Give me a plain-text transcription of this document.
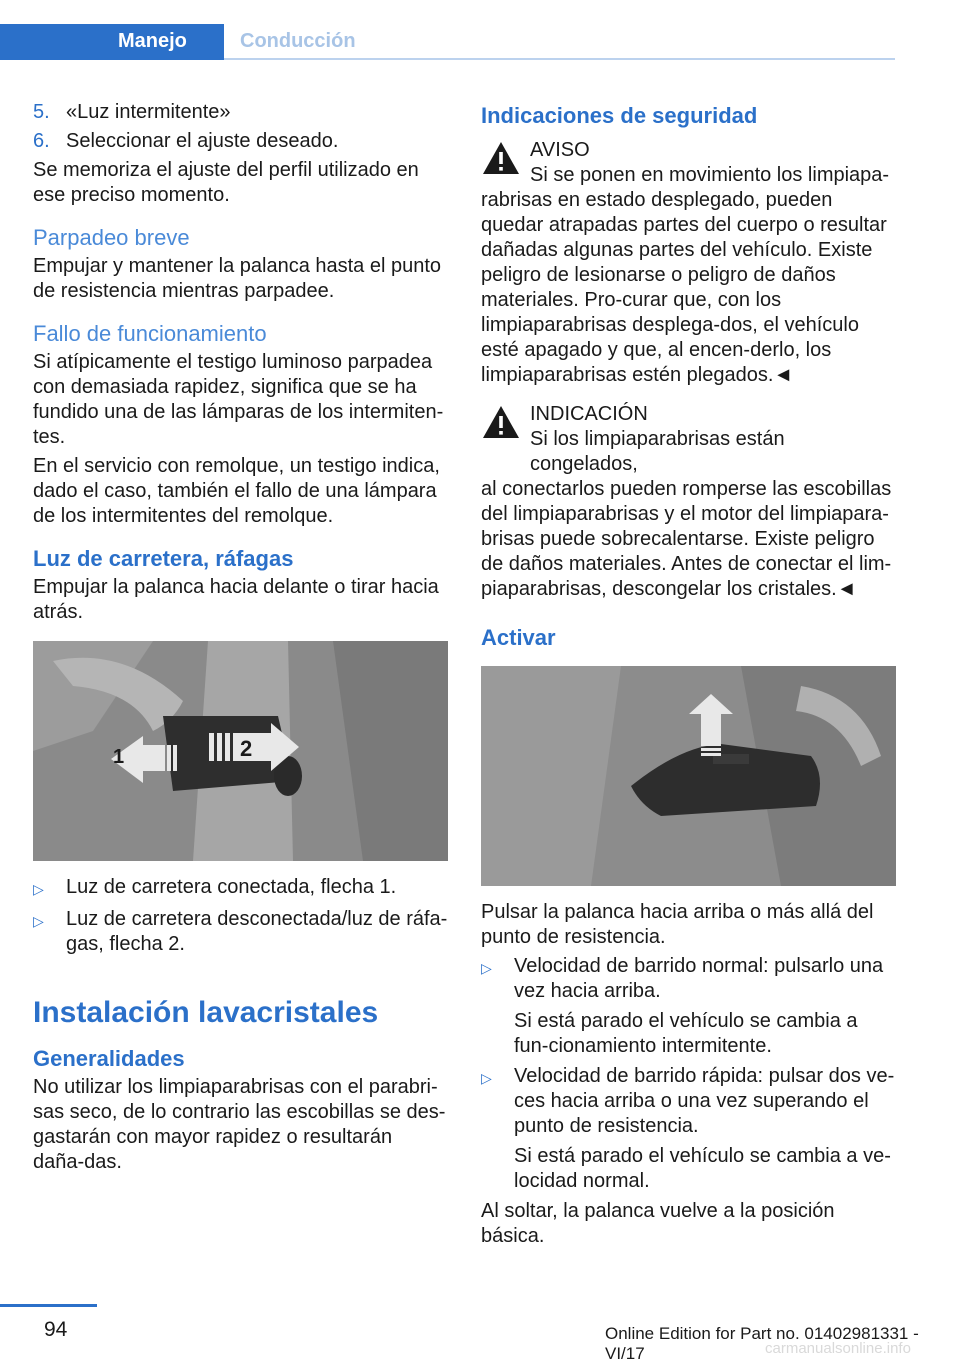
Manejo	Conducción
5. «Luz intermitente»
6. Seleccionar el ajuste deseado.

Se memoriza el ajuste del perfil utilizado en ese preciso momento.

Parpadeo breve

Empujar y mantener la palanca hasta el punto de resistencia mientras parpadee.

Fallo de funcionamiento

Si atípicamente el testigo luminoso parpadea con demasiada rapidez, significa que se ha fundido una de las lámparas de los intermiten‐tes.

En el servicio con remolque, un testigo indica, dado el caso, también el fallo de una lámpara de los intermitentes del remolque.

Luz de carretera, ráfagas

Empujar la palanca hacia delante o tirar hacia atrás.

1	2
▷	Luz de carretera conectada, flecha 1.
▷	Luz de carretera desconectada/luz de ráfa‐gas, flecha 2.
Instalación lavacristales
Generalidades

No utilizar los limpiaparabrisas con el parabri‐sas seco, de lo contrario las escobillas se des‐gastarán con mayor rapidez o resultarán daña‐das.

Indicaciones de seguridad
AVISO
Si se ponen en movimiento los limpiapa‐

rabrisas en estado desplegado, pueden quedar atrapadas partes del cuerpo o resultar dañadas algunas partes del vehículo. Existe peligro de lesionarse o peligro de daños materiales. Pro‐curar que, con los limpiaparabrisas desplega‐dos, el vehículo esté apagado y que, al encen‐derlo, los limpiaparabrisas estén plegados.◄

INDICACIÓN
Si los limpiaparabrisas están congelados,

al conectarlos pueden romperse las escobillas del limpiaparabrisas y el motor del limpiapara‐brisas puede sobrecalentarse. Existe peligro de daños materiales. Antes de conectar el lim‐piaparabrisas, descongelar los cristales.◄

Activar

Pulsar la palanca hacia arriba o más allá del punto de resistencia.

▷	Velocidad de barrido normal: pulsarlo una vez hacia arriba.

Si está parado el vehículo se cambia a fun‐cionamiento intermitente.

▷	Velocidad de barrido rápida: pulsar dos ve‐ces hacia arriba o una vez superando el punto de resistencia.

Si está parado el vehículo se cambia a ve‐locidad normal.

Al soltar, la palanca vuelve a la posición básica.

94	Online Edition for Part no. 01402981331 - VI/17	carmanualsonline.info
